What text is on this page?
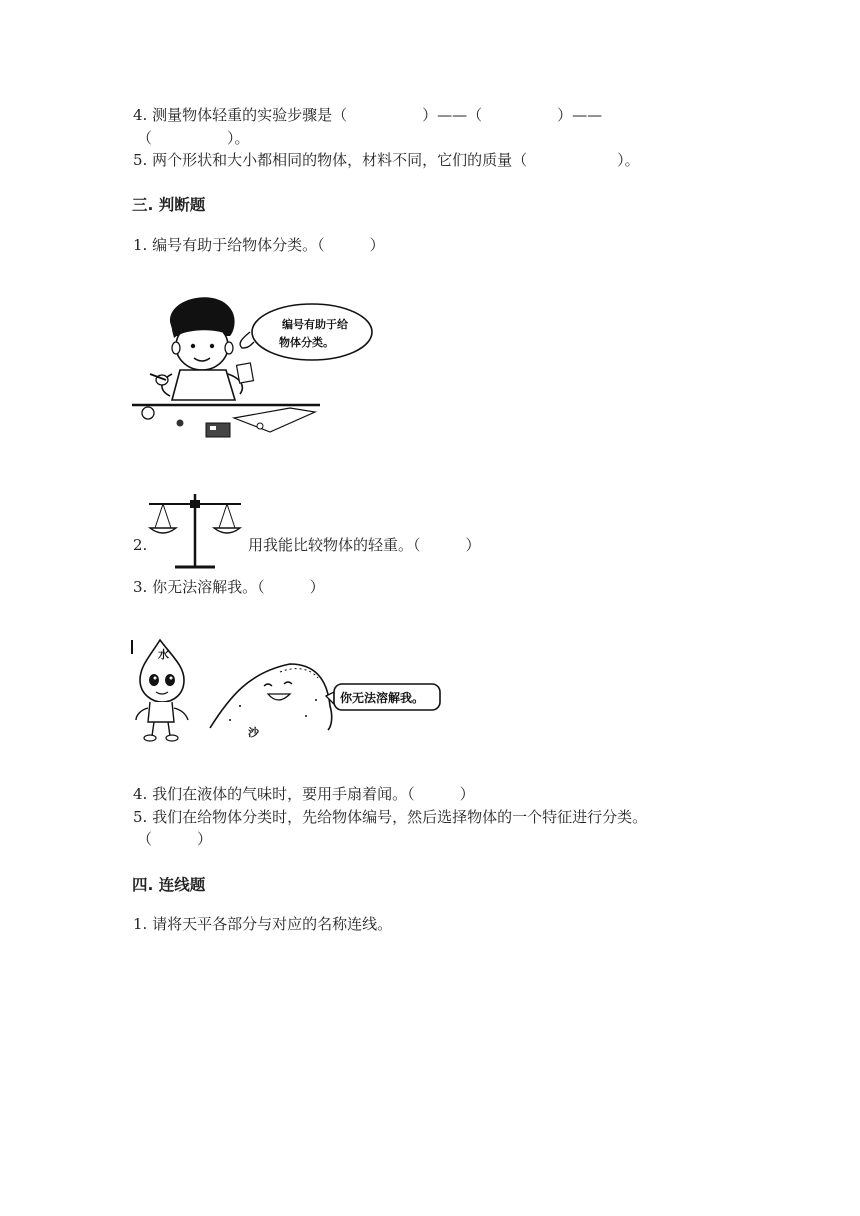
4. 测量物体轻重的实验步骤是（　　　　　）——（　　　　　）——
（　　　　　）。
5. 两个形状和大小都相同的物体，材料不同，它们的质量（　　　　　　）。
三. 判断题
1. 编号有助于给物体分类。（　　　）
编号有助于给
物体分类。
2.	用我能比较物体的轻重。（　　　）
3. 你无法溶解我。（　　　）
水
沙
你无法溶解我。
4. 我们在液体的气味时，要用手扇着闻。（　　　）
5. 我们在给物体分类时，先给物体编号，然后选择物体的一个特征进行分类。
（　　　）
四. 连线题
1. 请将天平各部分与对应的名称连线。
